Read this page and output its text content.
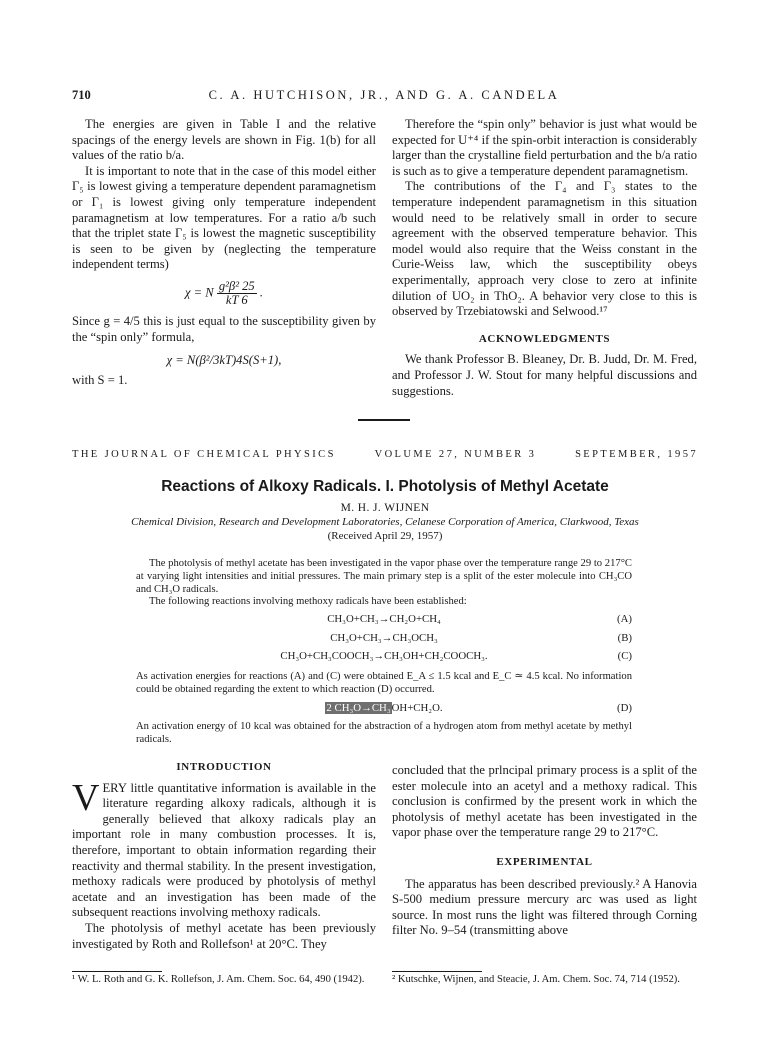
710	C. A. HUTCHISON, JR., AND G. A. CANDELA

The energies are given in Table I and the relative spacings of the energy levels are shown in Fig. 1(b) for all values of the ratio b/a.

It is important to note that in the case of this model either Γ₅ is lowest giving a temperature dependent paramagnetism or Γ₁ is lowest giving only temperature independent paramagnetism at low temperatures. For a ratio a/b such that the triplet state Γ₅ is lowest the magnetic susceptibility is seen to be given by (neglecting the temperature independent terms)

χ = N $\frac{\text{g²β² 25}}{kT 6}$ .

Since g = 4/5 this is just equal to the susceptibility given by the “spin only” formula,

χ = N(β²/3kT)4S(S+1),

with S = 1.

Therefore the “spin only” behavior is just what would be expected for U⁺⁴ if the spin-orbit interaction is considerably larger than the crystalline field perturbation and the b/a ratio is such as to give a temperature dependent paramagnetism.

The contributions of the Γ₄ and Γ₃ states to the temperature independent paramagnetism in this situation would need to be relatively small in order to secure agreement with the observed temperature behavior. This model would also require that the Weiss constant in the Curie-Weiss law, which the susceptibility obeys experimentally, approach very close to zero at infinite dilution of UO₂ in ThO₂. A behavior very close to this is observed by Trzebiatowski and Selwood.¹⁷

ACKNOWLEDGMENTS

We thank Professor B. Bleaney, Dr. B. Judd, Dr. M. Fred, and Professor J. W. Stout for many helpful discussions and suggestions.

THE JOURNAL OF CHEMICAL PHYSICS	VOLUME 27, NUMBER 3	SEPTEMBER, 1957
Reactions of Alkoxy Radicals. I. Photolysis of Methyl Acetate
M. H. J. WIJNEN
Chemical Division, Research and Development Laboratories, Celanese Corporation of America, Clarkwood, Texas
(Received April 29, 1957)
The photolysis of methyl acetate has been investigated in the vapor phase over the temperature range 29 to 217°C at varying light intensities and initial pressures. The main primary step is a split of the ester molecule into CH₃CO and CH₃O radicals.
The following reactions involving methoxy radicals have been established:
CH₃O+CH₃→CH₂O+CH₄	(A)
CH₃O+CH₃→CH₃OCH₃	(B)
CH₃O+CH₃COOCH₃→CH₃OH+CH₂COOCH₃.	(C)
As activation energies for reactions (A) and (C) were obtained E_A ≤ 1.5 kcal and E_C ≃ 4.5 kcal. No information could be obtained regarding the extent to which reaction (D) occurred.
2 CH₃O→CH₃OH+CH₂O.	(D)
An activation energy of 10 kcal was obtained for the abstraction of a hydrogen atom from methyl acetate by methyl radicals.
INTRODUCTION

VERY little quantitative information is available in the literature regarding alkoxy radicals, although it is generally believed that alkoxy radicals play an important role in many combustion processes. It is, therefore, important to obtain information regarding their reactivity and thermal stability. In the present investigation, methoxy radicals were produced by photolysis of methyl acetate and an investigation has been made of the subsequent reactions involving methoxy radicals.

The photolysis of methyl acetate has been previously investigated by Roth and Rollefson¹ at 20°C. They

¹ W. L. Roth and G. K. Rollefson, J. Am. Chem. Soc. 64, 490 (1942).

concluded that the prlncipal primary process is a split of the ester molecule into an acetyl and a methoxy radical. This conclusion is confirmed by the present work in which the photolysis of methyl acetate has been investigated in the vapor phase over the temperature range 29 to 217°C.

EXPERIMENTAL

The apparatus has been described previously.² A Hanovia S-500 medium pressure mercury arc was used as light source. In most runs the light was filtered through Corning filter No. 9–54 (transmitting above

² Kutschke, Wijnen, and Steacie, J. Am. Chem. Soc. 74, 714 (1952).
